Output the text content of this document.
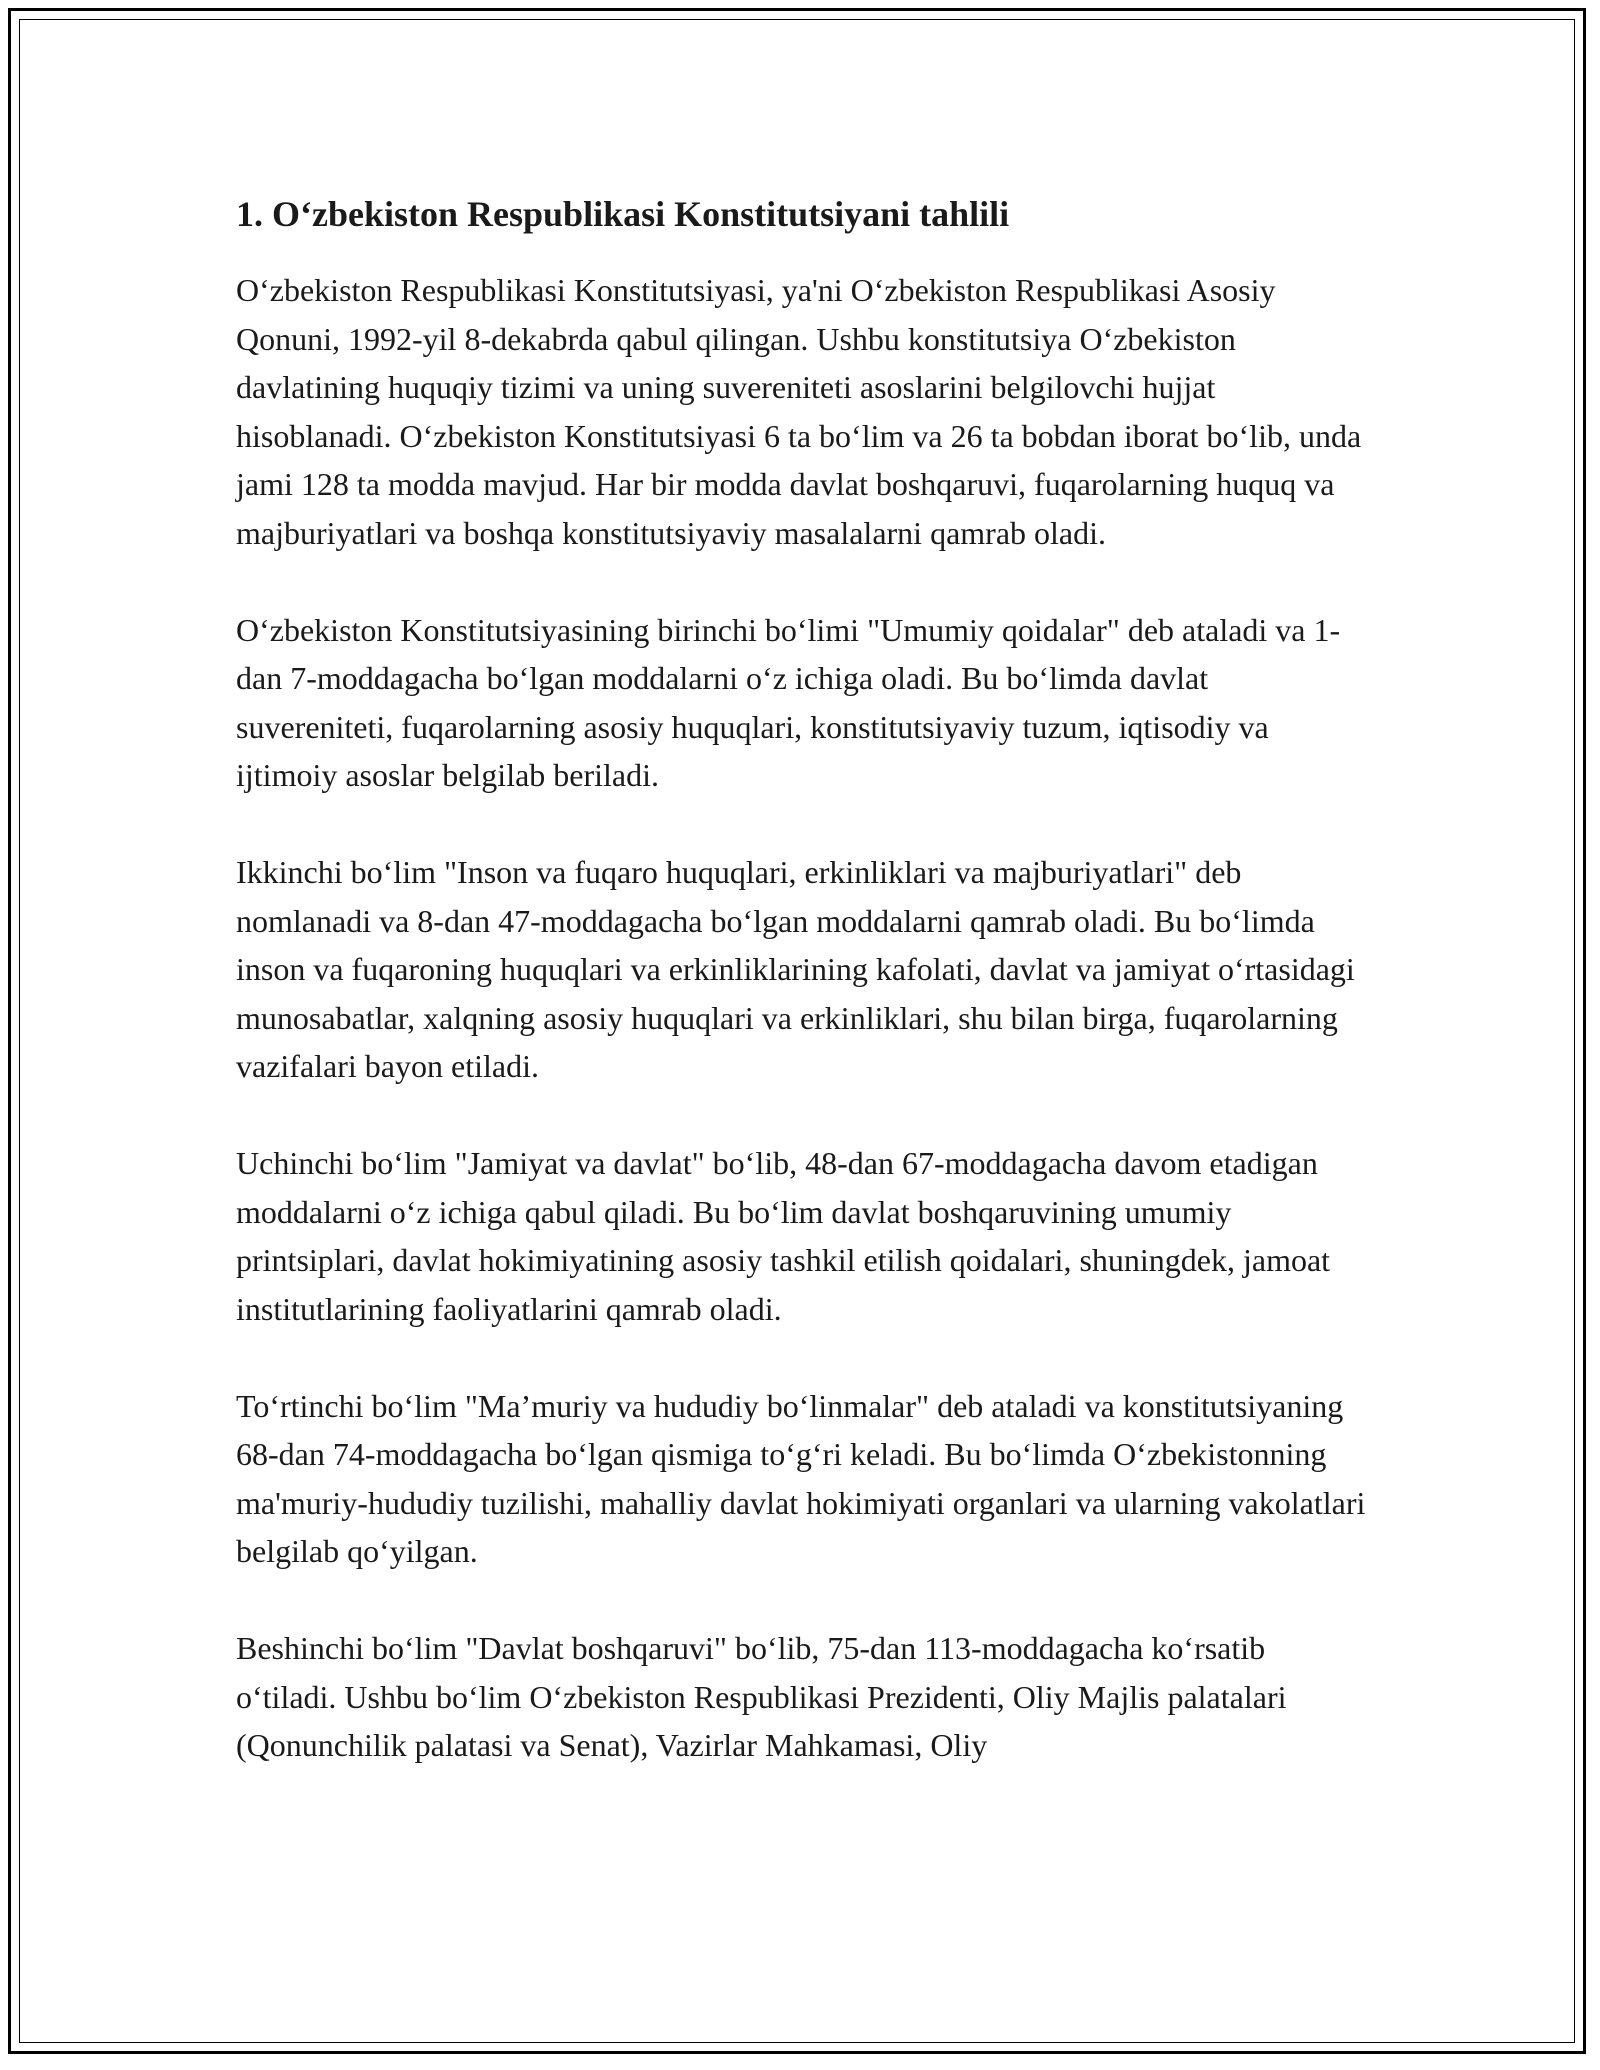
1. O‘zbekiston Respublikasi Konstitutsiyani tahlili

O‘zbekiston Respublikasi Konstitutsiyasi, ya'ni O‘zbekiston Respublikasi Asosiy Qonuni, 1992-yil 8-dekabrda qabul qilingan. Ushbu konstitutsiya O‘zbekiston davlatining huquqiy tizimi va uning suvereniteti asoslarini belgilovchi hujjat hisoblanadi. O‘zbekiston Konstitutsiyasi 6 ta bo‘lim va 26 ta bobdan iborat bo‘lib, unda jami 128 ta modda mavjud. Har bir modda davlat boshqaruvi, fuqarolarning huquq va majburiyatlari va boshqa konstitutsiyaviy masalalarni qamrab oladi.

O‘zbekiston Konstitutsiyasining birinchi bo‘limi "Umumiy qoidalar" deb ataladi va 1-dan 7-moddagacha bo‘lgan moddalarni o‘z ichiga oladi. Bu bo‘limda davlat suvereniteti, fuqarolarning asosiy huquqlari, konstitutsiyaviy tuzum, iqtisodiy va ijtimoiy asoslar belgilab beriladi.

Ikkinchi bo‘lim "Inson va fuqaro huquqlari, erkinliklari va majburiyatlari" deb nomlanadi va 8-dan 47-moddagacha bo‘lgan moddalarni qamrab oladi. Bu bo‘limda inson va fuqaroning huquqlari va erkinliklarining kafolati, davlat va jamiyat o‘rtasidagi munosabatlar, xalqning asosiy huquqlari va erkinliklari, shu bilan birga, fuqarolarning vazifalari bayon etiladi.

Uchinchi bo‘lim "Jamiyat va davlat" bo‘lib, 48-dan 67-moddagacha davom etadigan moddalarni o‘z ichiga qabul qiladi. Bu bo‘lim davlat boshqaruvining umumiy printsiplari, davlat hokimiyatining asosiy tashkil etilish qoidalari, shuningdek, jamoat institutlarining faoliyatlarini qamrab oladi.

To‘rtinchi bo‘lim "Ma’muriy va hududiy bo‘linmalar" deb ataladi va konstitutsiyaning 68-dan 74-moddagacha bo‘lgan qismiga to‘g‘ri keladi. Bu bo‘limda O‘zbekistonning ma'muriy-hududiy tuzilishi, mahalliy davlat hokimiyati organlari va ularning vakolatlari belgilab qo‘yilgan.

Beshinchi bo‘lim "Davlat boshqaruvi" bo‘lib, 75-dan 113-moddagacha ko‘rsatib o‘tiladi. Ushbu bo‘lim O‘zbekiston Respublikasi Prezidenti, Oliy Majlis palatalari (Qonunchilik palatasi va Senat), Vazirlar Mahkamasi, Oliy
